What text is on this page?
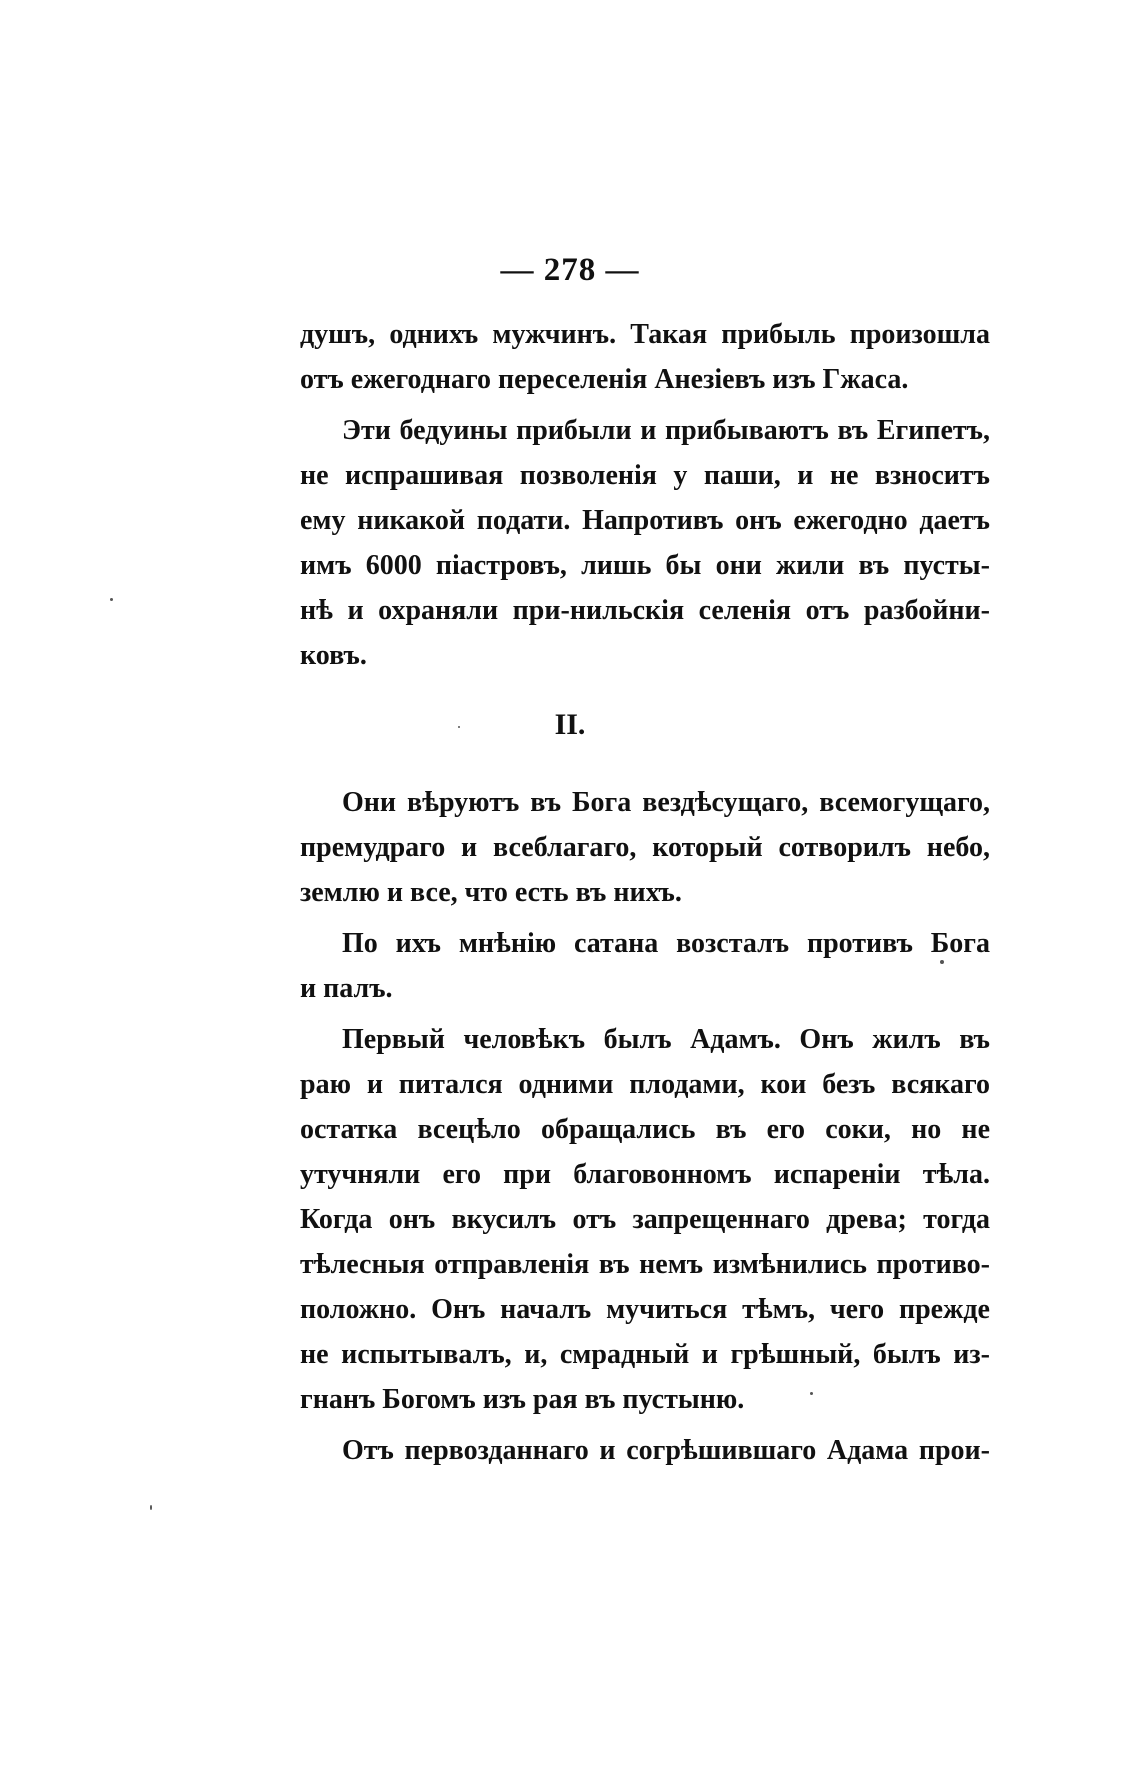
— 278 —
душъ, однихъ мужчинъ. Такая прибыль произошла
отъ ежегоднаго переселенія Анезіевъ изъ Гжаса.
Эти бедуины прибыли и прибываютъ въ Египетъ,
не испрашивая позволенія у паши, и не взноситъ
ему никакой подати. Напротивъ онъ ежегодно даетъ
имъ 6000 піастровъ, лишь бы они жили въ пусты-
нѣ и охраняли при-нильскія селенія отъ разбойни-
ковъ.
II.
Они вѣруютъ въ Бога вездѣсущаго, всемогущаго,
премудраго и всеблагаго, который сотворилъ небо,
землю и все, что есть въ нихъ.
По ихъ мнѣнію сатана возсталъ противъ Бога
и палъ.
Первый человѣкъ былъ Адамъ. Онъ жилъ въ
раю и питался одними плодами, кои безъ всякаго
остатка всецѣло обращались въ его соки, но не
утучняли его при благовонномъ испареніи тѣла.
Когда онъ вкусилъ отъ запрещеннаго древа; тогда
тѣлесныя отправленія въ немъ измѣнились противо-
положно. Онъ началъ мучиться тѣмъ, чего прежде
не испытывалъ, и, смрадный и грѣшный, былъ из-
гнанъ Богомъ изъ рая въ пустыню.
Отъ первозданнаго и согрѣшившаго Адама прои-
